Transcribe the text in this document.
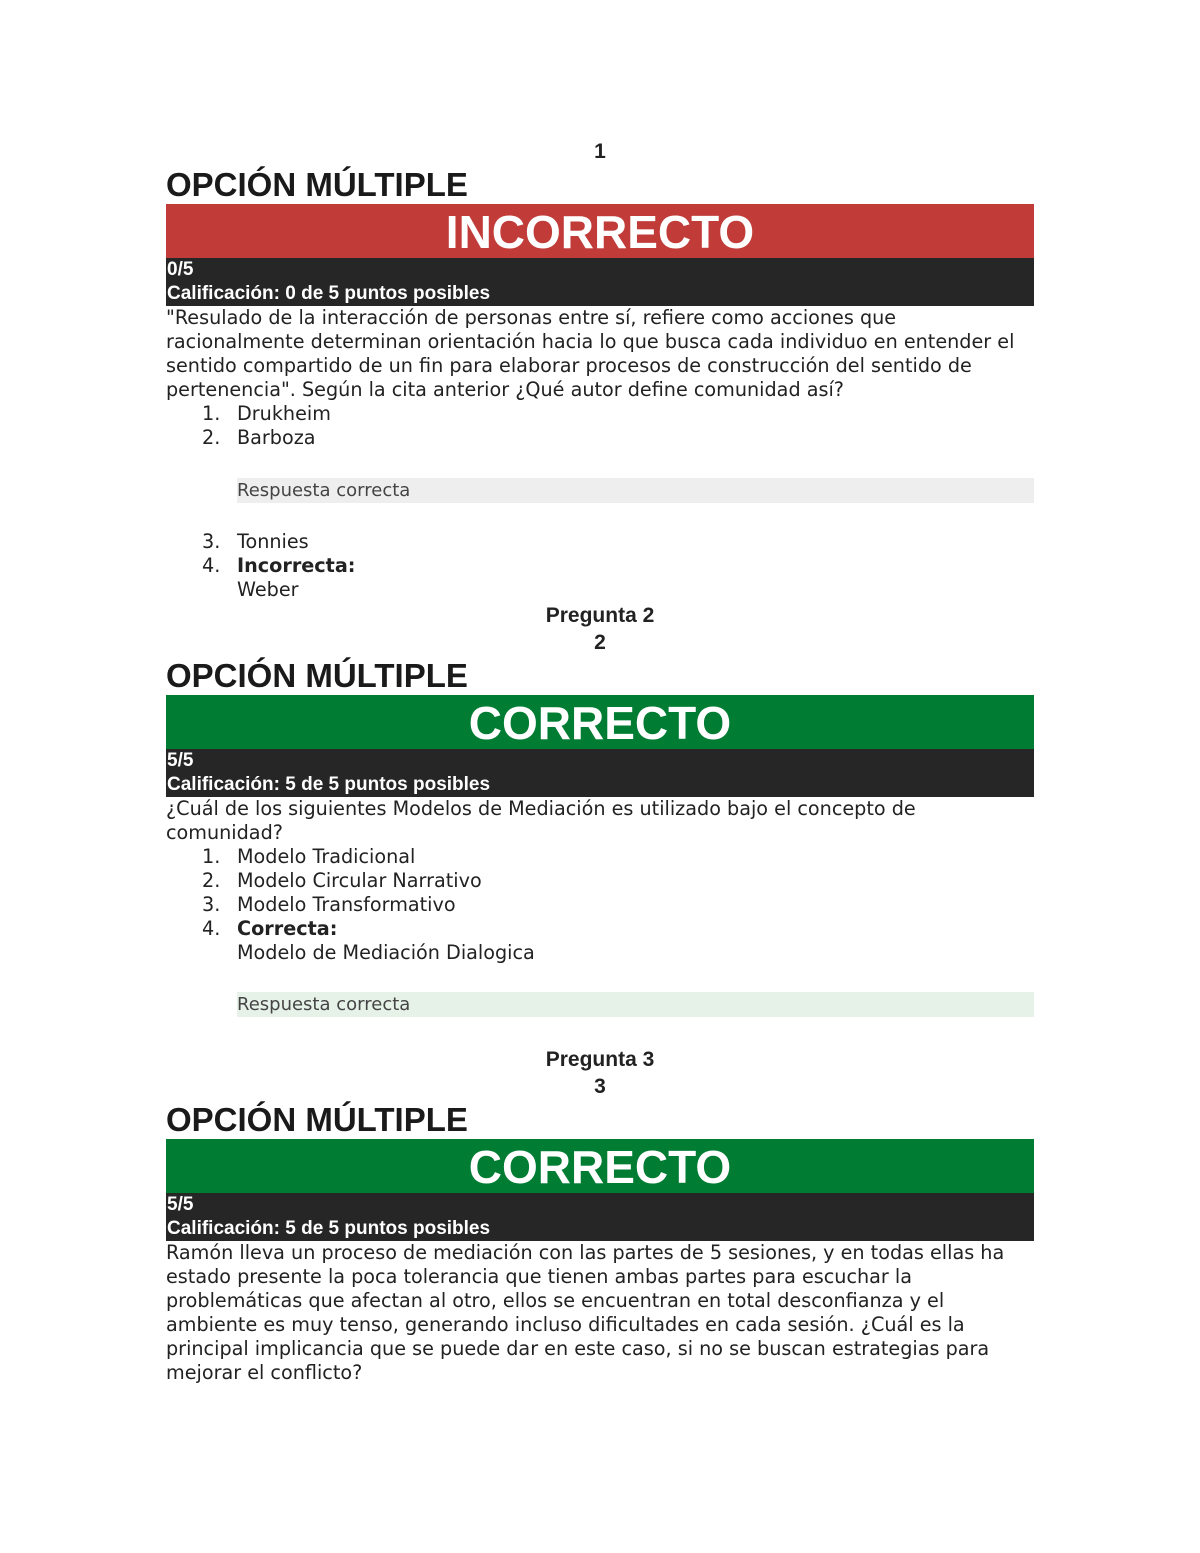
1
OPCIÓN MÚLTIPLE
INCORRECTO
0/5
Calificación: 0 de 5 puntos posibles

"Resulado de la interacción de personas entre sí, refiere como acciones que racionalmente determinan orientación hacia lo que busca cada individuo en entender el sentido compartido de un fin para elaborar procesos de construcción del sentido de pertenencia". Según la cita anterior ¿Qué autor define comunidad así?

1. Drukheim
2. Barboza
Respuesta correcta
3. Tonnies
4. Incorrecta:
Weber
Pregunta 2
2
OPCIÓN MÚLTIPLE
CORRECTO
5/5
Calificación: 5 de 5 puntos posibles

¿Cuál de los siguientes Modelos de Mediación es utilizado bajo el concepto de comunidad?

1. Modelo Tradicional
2. Modelo Circular Narrativo
3. Modelo Transformativo
4. Correcta:
Modelo de Mediación Dialogica
Respuesta correcta
Pregunta 3
3
OPCIÓN MÚLTIPLE
CORRECTO
5/5
Calificación: 5 de 5 puntos posibles

Ramón lleva un proceso de mediación con las partes de 5 sesiones, y en todas ellas ha estado presente la poca tolerancia que tienen ambas partes para escuchar la problemáticas que afectan al otro, ellos se encuentran en total desconfianza y el ambiente es muy tenso, generando incluso dificultades en cada sesión. ¿Cuál es la principal implicancia que se puede dar en este caso, si no se buscan estrategias para mejorar el conflicto?
